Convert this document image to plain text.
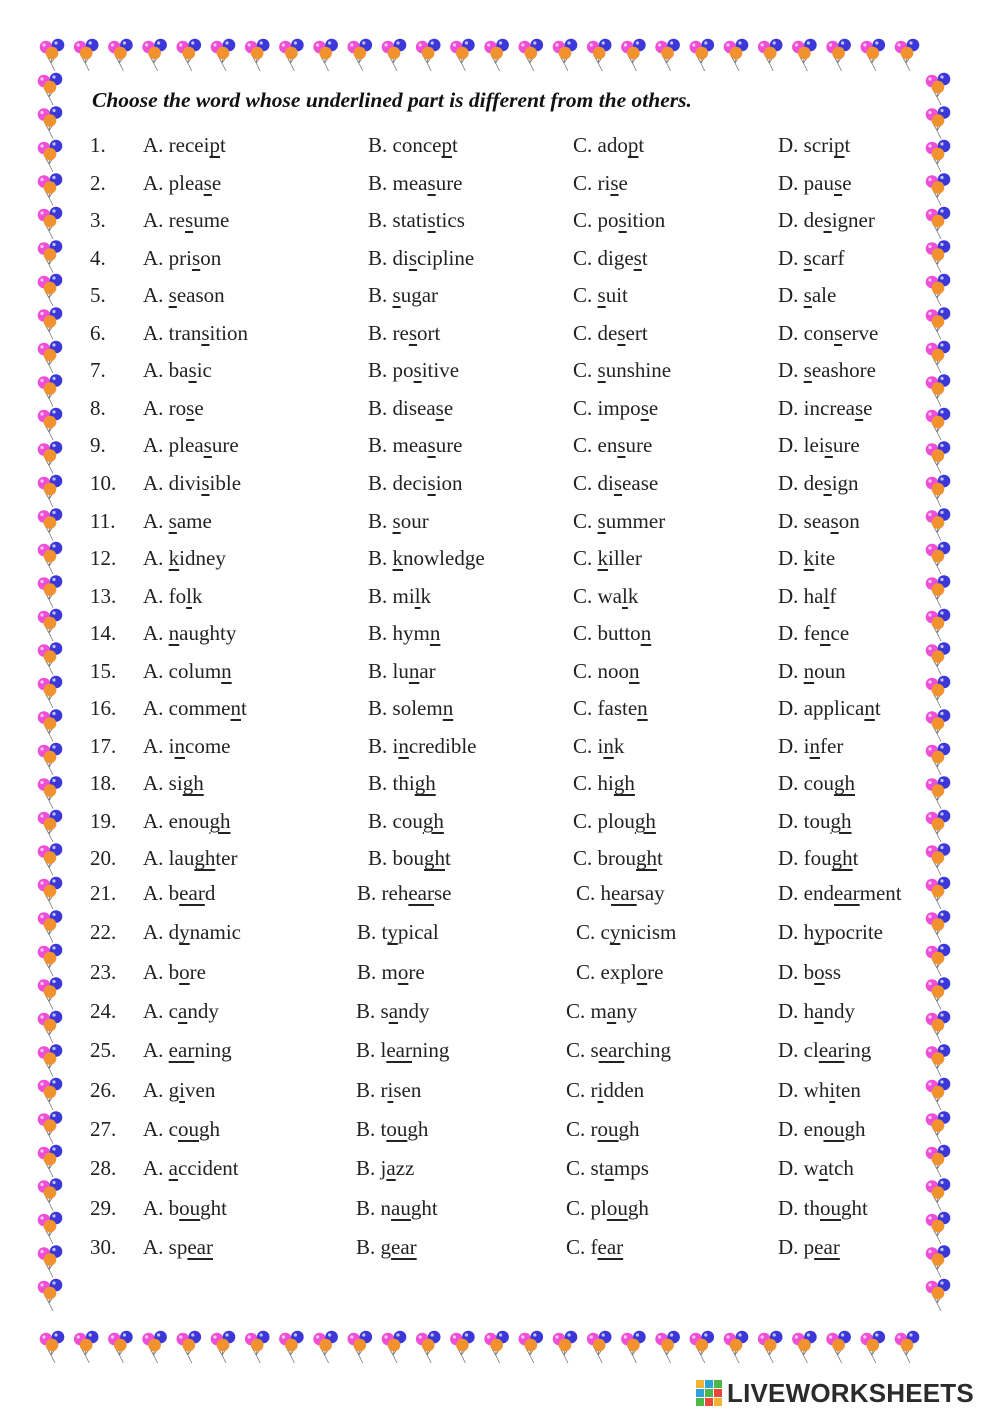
Choose the word whose underlined part is different from the others.
1. A. receipt	B. concept	C. adopt	D. script
2. A. please	B. measure	C. rise	D. pause
3. A. resume	B. statistics	C. position	D. designer
4. A. prison	B. discipline	C. digest	D. scarf
5. A. season	B. sugar	C. suit	D. sale
6. A. transition	B. resort	C. desert	D. conserve
7. A. basic	B. positive	C. sunshine	D. seashore
8. A. rose	B. disease	C. impose	D. increase
9. A. pleasure	B. measure	C. ensure	D. leisure
10. A. divisible	B. decision	C. disease	D. design
11. A. same	B. sour	C. summer	D. season
12. A. kidney	B. knowledge	C. killer	D. kite
13. A. folk	B. milk	C. walk	D. half
14. A. naughty	B. hymn	C. button	D. fence
15. A. column	B. lunar	C. noon	D. noun
16. A. comment	B. solemn	C. fasten	D. applicant
17. A. income	B. incredible	C. ink	D. infer
18. A. sigh	B. thigh	C. high	D. cough
19. A. enough	B. cough	C. plough	D. tough
20. A. laughter	B. bought	C. brought	D. fought
21. A. beard	B. rehearse	C. hearsay	D. endearment
22. A. dynamic	B. typical	C. cynicism	D. hypocrite
23. A. bore	B. more	C. explore	D. boss
24. A. candy	B. sandy	C. many	D. handy
25. A. earning	B. learning	C. searching	D. clearing
26. A. given	B. risen	C. ridden	D. whiten
27. A. cough	B. tough	C. rough	D. enough
28. A. accident	B. jazz	C. stamps	D. watch
29. A. bought	B. naught	C. plough	D. thought
30. A. spear	B. gear	C. fear	D. pear
LIVEWORKSHEETS
